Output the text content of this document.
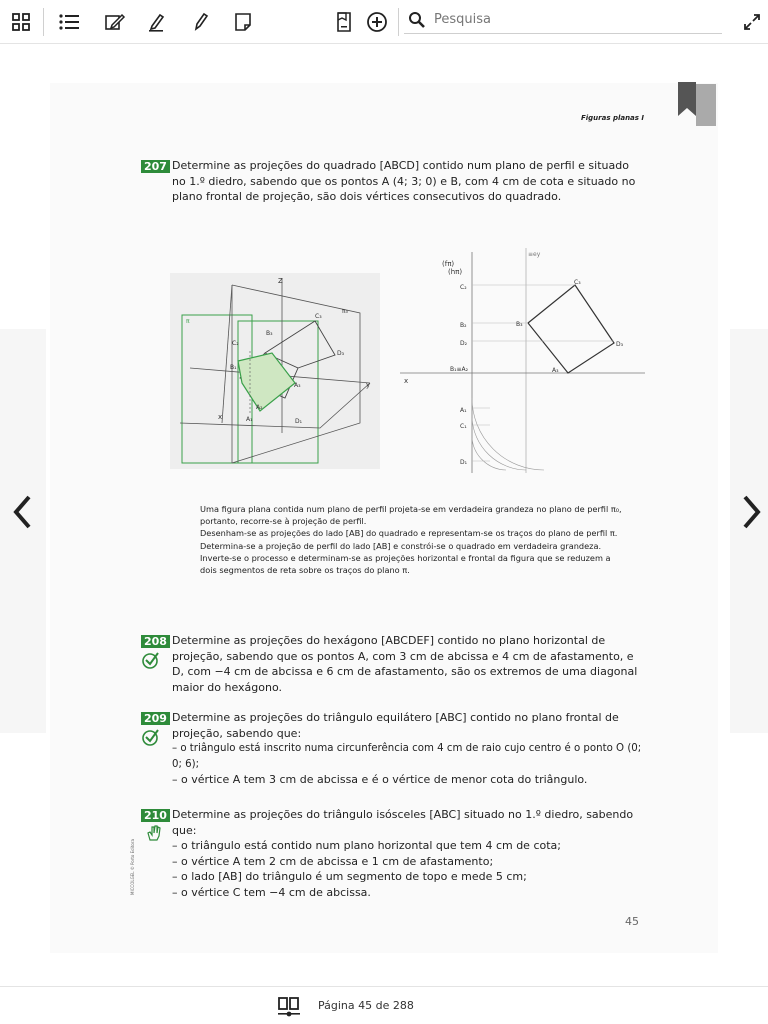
Pesquisa
Figuras planas I
207 Determine as projeções do quadrado [ABCD] contido num plano de perfil e situado no 1.º diedro, sabendo que os pontos A (4; 3; 0) e B, com 4 cm de cota e situado no plano frontal de projeção, são dois vértices consecutivos do quadrado.
Z
π₀
C₃
C₂
B₃
D₃
A₃
B₁
A₂
A₁	D₁
y
x
π
(fπ)
(hπ)
C₂
B₂
D₂
B₁≡A₂
A₁
C₁
D₁
x
A₃
B₃
C₃
D₃
≡ey
Uma figura plana contida num plano de perfil projeta-se em verdadeira grandeza no plano de perfil π₀,
portanto, recorre-se à projeção de perfil.
Desenham-se as projeções do lado [AB] do quadrado e representam-se os traços do plano de perfil π.
Determina-se a projeção de perfil do lado [AB] e constrói-se o quadrado em verdadeira grandeza.
Inverte-se o processo e determinam-se as projeções horizontal e frontal da figura que se reduzem a
dois segmentos de reta sobre os traços do plano π.
208 Determine as projeções do hexágono [ABCDEF] contido no plano horizontal de projeção, sabendo que os pontos A, com 3 cm de abcissa e 4 cm de afastamento, e D, com −4 cm de abcissa e 6 cm de afastamento, são os extremos de uma diagonal maior do hexágono.
209 Determine as projeções do triângulo equilátero [ABC] contido no plano frontal de projeção, sabendo que:
– o triângulo está inscrito numa circunferência com 4 cm de raio cujo centro é o ponto O (0; 0; 6);
– o vértice A tem 3 cm de abcissa e é o vértice de menor cota do triângulo.
210 Determine as projeções do triângulo isósceles [ABC] situado no 1.º diedro, sabendo que:
– o triângulo está contido num plano horizontal que tem 4 cm de cota;
– o vértice A tem 2 cm de abcissa e 1 cm de afastamento;
– o lado [AB] do triângulo é um segmento de topo e mede 5 cm;
– o vértice C tem −4 cm de abcissa.
MICCOLGEL © Porto Editora
45
Página 45 de 288
